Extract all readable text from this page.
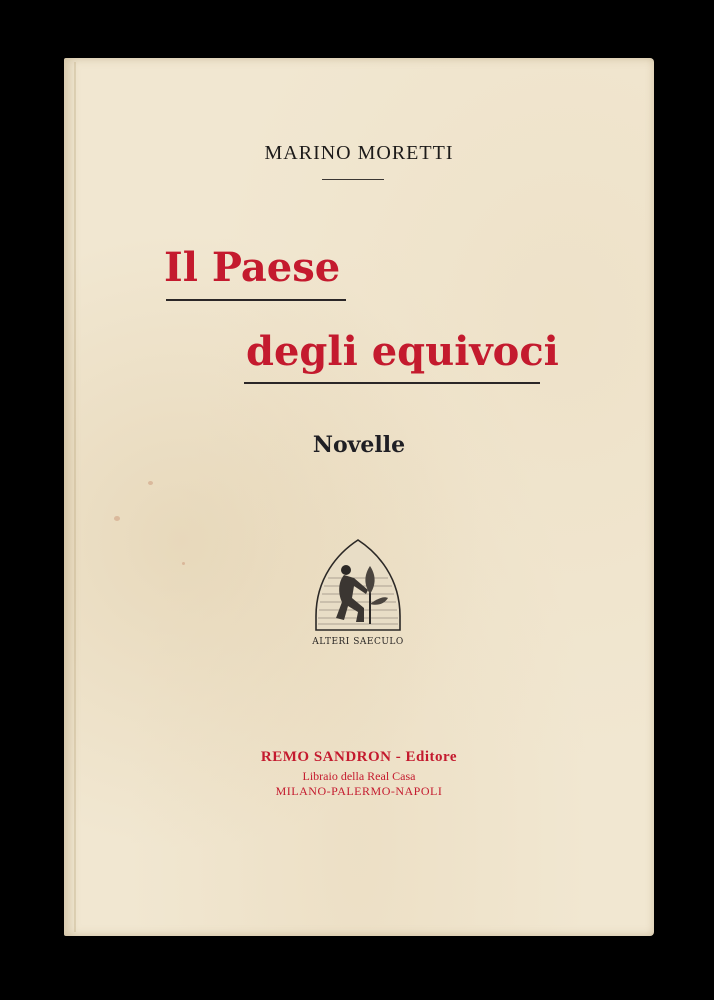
MARINO MORETTI
Il Paese
degli equivoci
Novelle
ALTERI SAECULO
REMO SANDRON - Editore
Libraio della Real Casa
MILANO-PALERMO-NAPOLI
